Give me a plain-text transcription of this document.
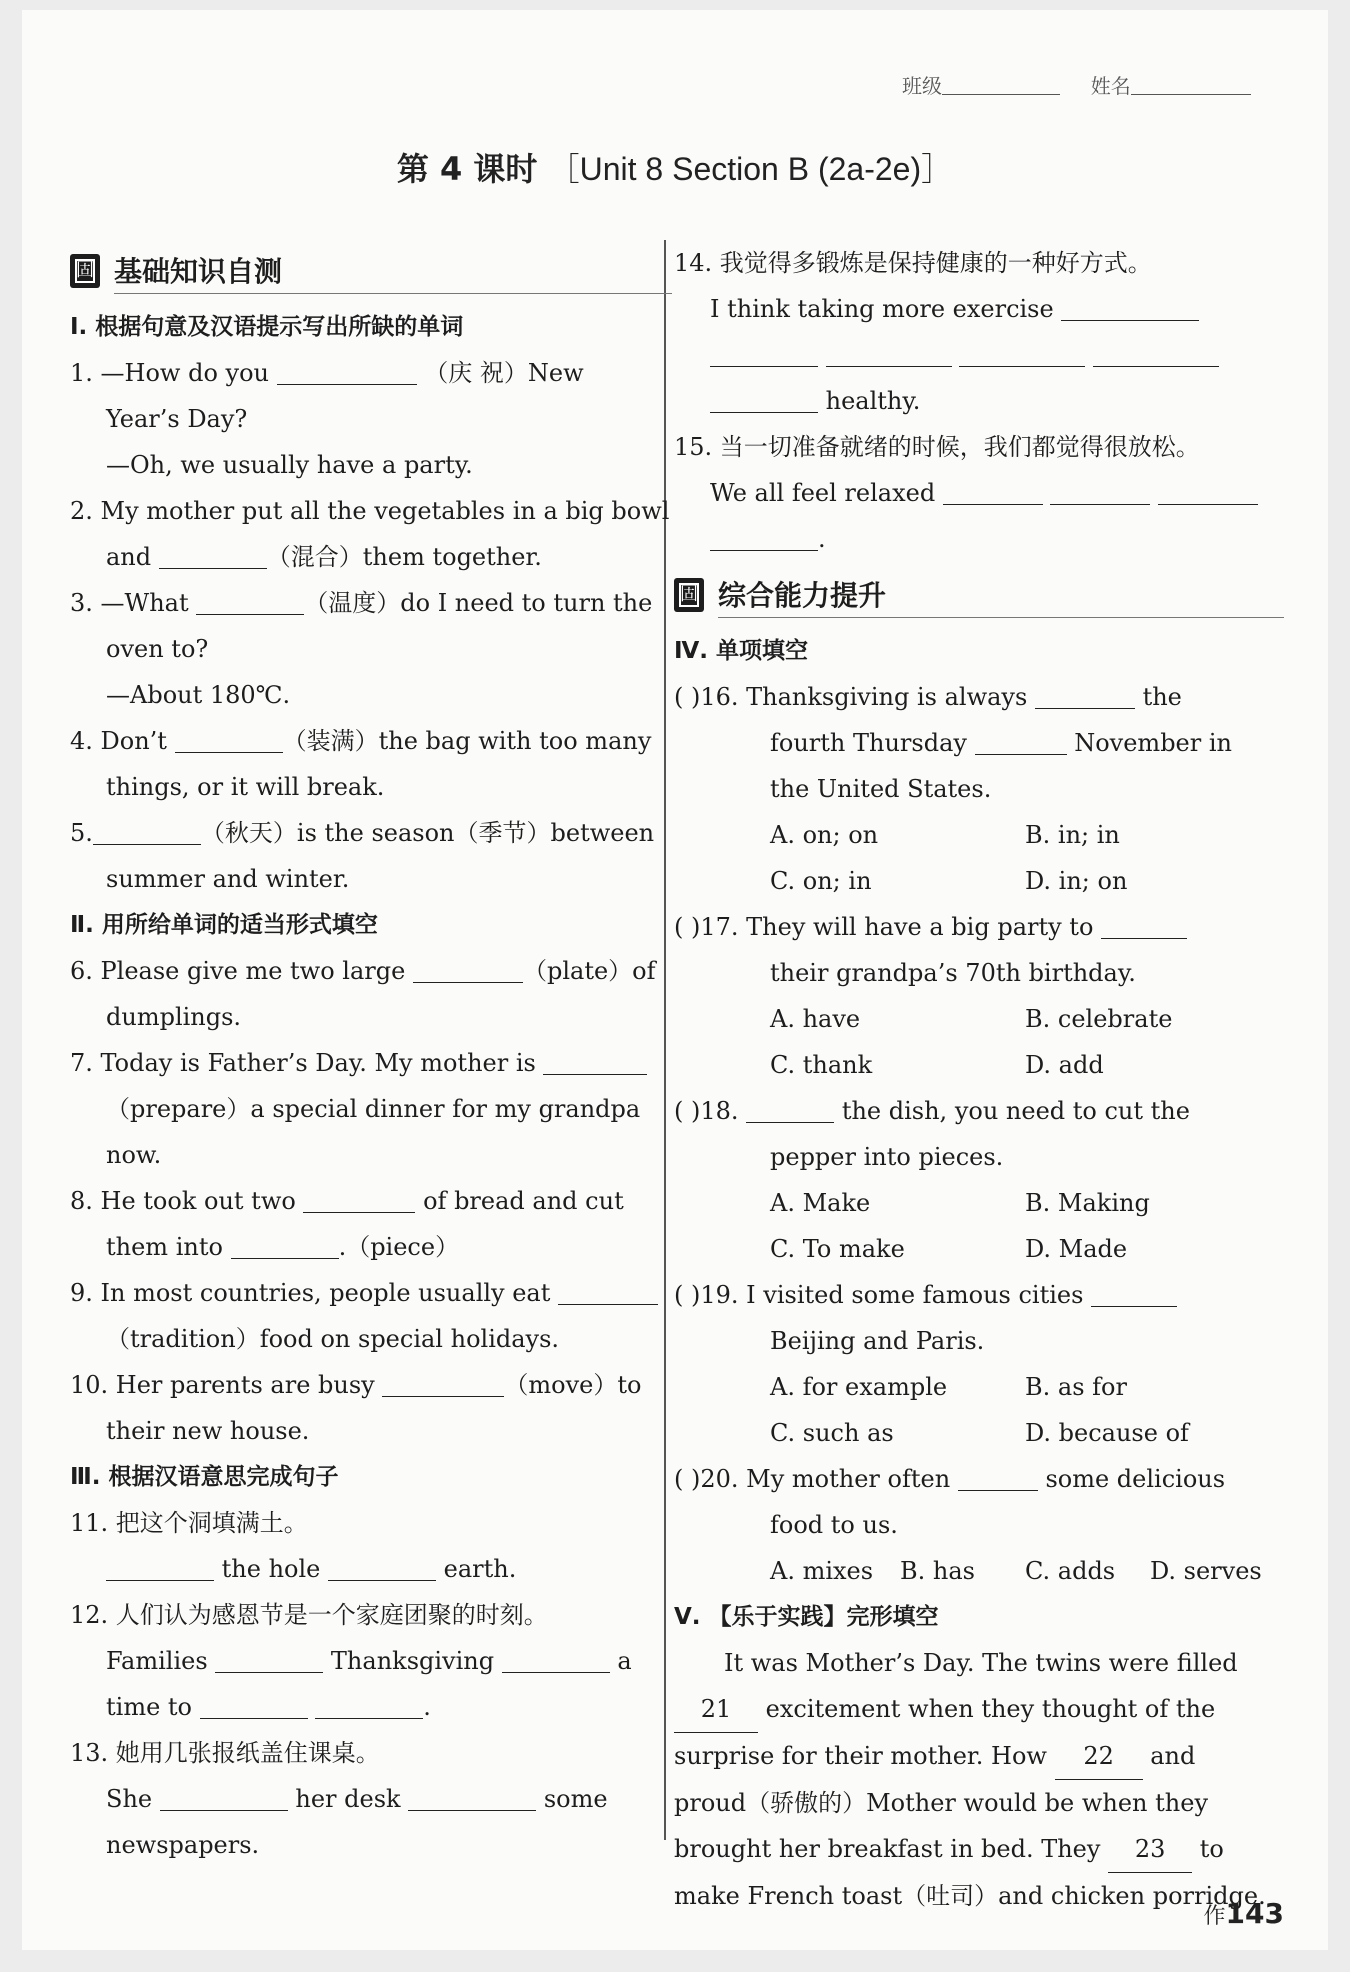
班级	姓名
第 4 课时 ［Unit 8 Section B (2a-2e)］
固 基础知识自测
Ⅰ. 根据句意及汉语提示写出所缺的单词
1. —How do you	（庆 祝）New
Year’s Day?
—Oh, we usually have a party.
2. My mother put all the vegetables in a big bowl
and	（混合）them together.
3. —What	（温度）do I need to turn the
oven to?
—About 180℃.
4. Don’t	（装满）the bag with too many
things, or it will break.
5.	（秋天）is the season（季节）between
summer and winter.
Ⅱ. 用所给单词的适当形式填空
6. Please give me two large	（plate）of
dumplings.
7. Today is Father’s Day. My mother is
（prepare）a special dinner for my grandpa
now.
8. He took out two	of bread and cut
them into	.（piece）
9. In most countries, people usually eat
（tradition）food on special holidays.
10. Her parents are busy	（move）to
their new house.
Ⅲ. 根据汉语意思完成句子
11. 把这个洞填满土。
the hole	earth.
12. 人们认为感恩节是一个家庭团聚的时刻。
Families	Thanksgiving	a
time to	.
13. 她用几张报纸盖住课桌。
She	her desk	some
newspapers.
14. 我觉得多锻炼是保持健康的一种好方式。
I think taking more exercise

healthy.
15. 当一切准备就绪的时候，我们都觉得很放松。
We all feel relaxed
.
固 综合能力提升
Ⅳ. 单项填空
( )16. Thanksgiving is always	the
fourth Thursday	November in
the United States.
A. on; on	B. in; in
C. on; in	D. in; on
( )17. They will have a big party to
their grandpa’s 70th birthday.
A. have	B. celebrate
C. thank	D. add
( )18.	the dish, you need to cut the
pepper into pieces.
A. Make	B. Making
C. To make	D. Made
( )19. I visited some famous cities
Beijing and Paris.
A. for example	B. as for
C. such as	D. because of
( )20. My mother often	some delicious
food to us.
A. mixes	B. has	C. adds	D. serves
Ⅴ. 【乐于实践】完形填空
It was Mother’s Day. The twins were filled
21 excitement when they thought of the
surprise for their mother. How 22 and
proud（骄傲的）Mother would be when they
brought her breakfast in bed. They 23 to
make French toast（吐司）and chicken porridge.
作143
